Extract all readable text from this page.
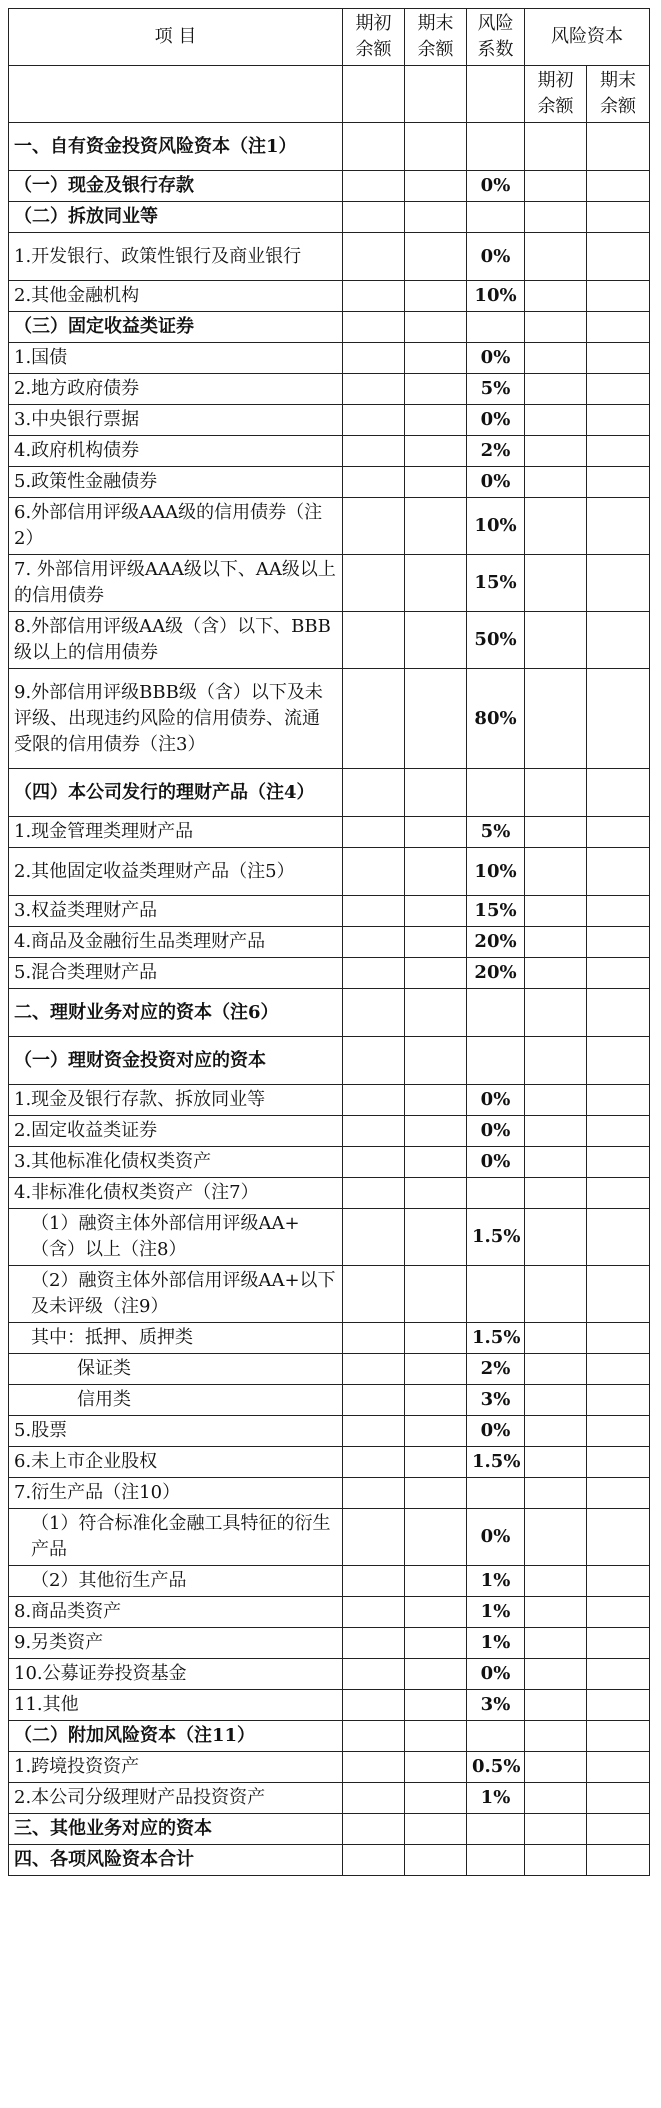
项 目	期初余额	期末余额	风险系数	风险资本	
				期初余额	期末余额
一、自有资金投资风险资本（注1）					
（一）现金及银行存款			0%		
（二）拆放同业等					
1.开发银行、政策性银行及商业银行			0%		
2.其他金融机构			10%		
（三）固定收益类证券					
1.国债			0%		
2.地方政府债券			5%		
3.中央银行票据			0%		
4.政府机构债券			2%		
5.政策性金融债券			0%		
6.外部信用评级AAA级的信用债券（注2）			10%		
7. 外部信用评级AAA级以下、AA级以上的信用债券			15%		
8.外部信用评级AA级（含）以下、BBB级以上的信用债券			50%		
9.外部信用评级BBB级（含）以下及未评级、出现违约风险的信用债券、流通受限的信用债券（注3）			80%		
（四）本公司发行的理财产品（注4）					
1.现金管理类理财产品			5%		
2.其他固定收益类理财产品（注5）			10%		
3.权益类理财产品			15%		
4.商品及金融衍生品类理财产品			20%		
5.混合类理财产品			20%		
二、理财业务对应的资本（注6）					
（一）理财资金投资对应的资本					
1.现金及银行存款、拆放同业等			0%		
2.固定收益类证券			0%		
3.其他标准化债权类资产			0%		
4.非标准化债权类资产（注7）					
（1）融资主体外部信用评级AA+（含）以上（注8）			1.5%		
（2）融资主体外部信用评级AA+以下及未评级（注9）					
其中：抵押、质押类			1.5%		
保证类			2%		
信用类			3%		
5.股票			0%		
6.未上市企业股权			1.5%		
7.衍生产品（注10）					
（1）符合标准化金融工具特征的衍生产品			0%		
（2）其他衍生产品			1%		
8.商品类资产			1%		
9.另类资产			1%		
10.公募证券投资基金			0%		
11.其他			3%		
（二）附加风险资本（注11）					
1.跨境投资资产			0.5%		
2.本公司分级理财产品投资资产			1%		
三、其他业务对应的资本					
四、各项风险资本合计					
